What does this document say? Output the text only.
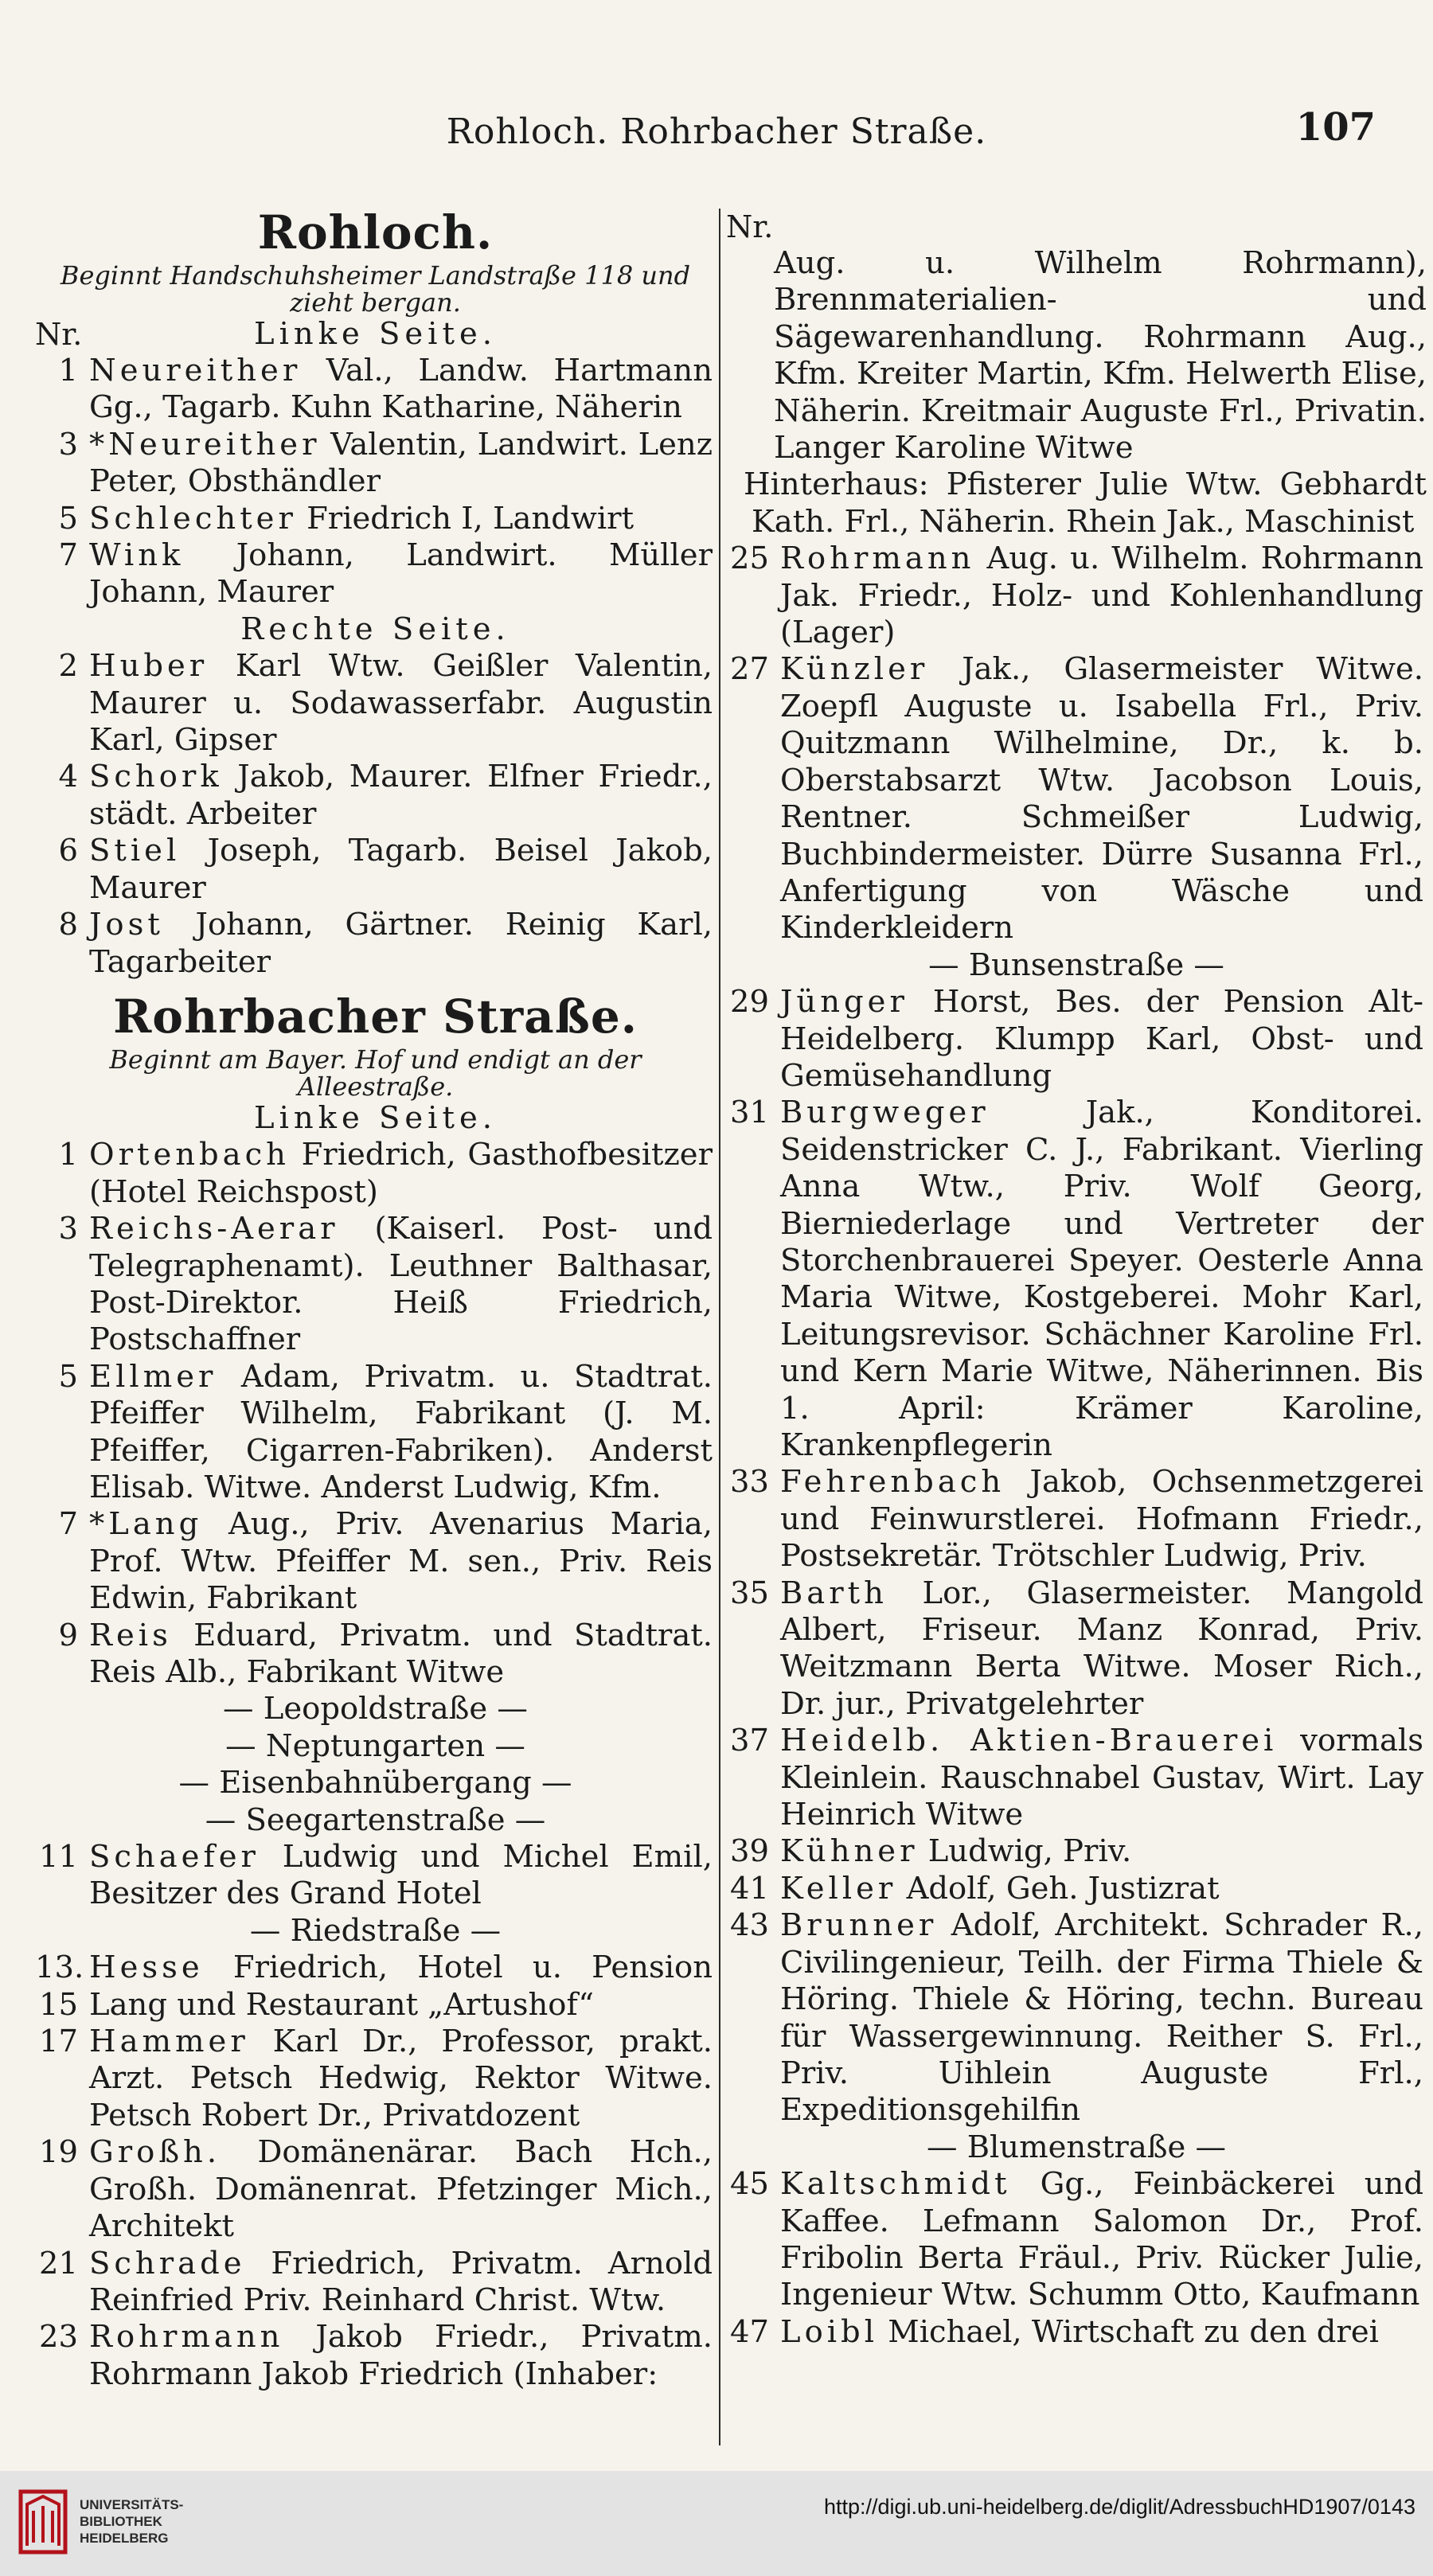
Rohloch. Rohrbacher Straße.	107
Rohloch.
Beginnt Handschuhsheimer Landstraße 118 und zieht bergan.
Nr.	Linke Seite.
1 Neureither Val., Landw. Hartmann Gg., Tagarb. Kuhn Katharine, Näherin
3 *Neureither Valentin, Landwirt. Lenz Peter, Obsthändler
5 Schlechter Friedrich I, Landwirt
7 Wink Johann, Landwirt. Müller Johann, Maurer
Rechte Seite.
2 Huber Karl Wtw. Geißler Valentin, Maurer u. Sodawasserfabr. Augustin Karl, Gipser
4 Schork Jakob, Maurer. Elfner Friedr., städt. Arbeiter
6 Stiel Joseph, Tagarb. Beisel Jakob, Maurer
8 Jost Johann, Gärtner. Reinig Karl, Tagarbeiter
Rohrbacher Straße.
Beginnt am Bayer. Hof und endigt an der Alleestraße.
Linke Seite.
1 Ortenbach Friedrich, Gasthofbesitzer (Hotel Reichspost)
3 Reichs-Aerar (Kaiserl. Post- und Telegraphenamt). Leuthner Balthasar, Post-Direktor. Heiß Friedrich, Postschaffner
5 Ellmer Adam, Privatm. u. Stadtrat. Pfeiffer Wilhelm, Fabrikant (J. M. Pfeiffer, Cigarren-Fabriken). Anderst Elisab. Witwe. Anderst Ludwig, Kfm.
7 *Lang Aug., Priv. Avenarius Maria, Prof. Wtw. Pfeiffer M. sen., Priv. Reis Edwin, Fabrikant
9 Reis Eduard, Privatm. und Stadtrat. Reis Alb., Fabrikant Witwe
— Leopoldstraße —
— Neptungarten —
— Eisenbahnübergang —
— Seegartenstraße —
11 Schaefer Ludwig und Michel Emil, Besitzer des Grand Hotel
— Riedstraße —
13. 15Hesse Friedrich, Hotel u. Pension Lang und Restaurant „Artushof“
17 Hammer Karl Dr., Professor, prakt. Arzt. Petsch Hedwig, Rektor Witwe. Petsch Robert Dr., Privatdozent
19 Großh. Domänenärar. Bach Hch., Großh. Domänenrat. Pfetzinger Mich., Architekt
21 Schrade Friedrich, Privatm. Arnold Reinfried Priv. Reinhard Christ. Wtw.
23 Rohrmann Jakob Friedr., Privatm. Rohrmann Jakob Friedrich (Inhaber:
Nr.
Aug. u. Wilhelm Rohrmann), Brennmaterialien- und Sägewarenhandlung. Rohrmann Aug., Kfm. Kreiter Martin, Kfm. Helwerth Elise, Näherin. Kreitmair Auguste Frl., Privatin. Langer Karoline Witwe
Hinterhaus: Pfisterer Julie Wtw. Gebhardt Kath. Frl., Näherin. Rhein Jak., Maschinist
25 Rohrmann Aug. u. Wilhelm. Rohrmann Jak. Friedr., Holz- und Kohlenhandlung (Lager)
27 Künzler Jak., Glasermeister Witwe. Zoepfl Auguste u. Isabella Frl., Priv. Quitzmann Wilhelmine, Dr., k. b. Oberstabsarzt Wtw. Jacobson Louis, Rentner. Schmeißer Ludwig, Buchbindermeister. Dürre Susanna Frl., Anfertigung von Wäsche und Kinderkleidern
— Bunsenstraße —
29 Jünger Horst, Bes. der Pension Alt-Heidelberg. Klumpp Karl, Obst- und Gemüsehandlung
31 Burgweger Jak., Konditorei. Seidenstricker C. J., Fabrikant. Vierling Anna Wtw., Priv. Wolf Georg, Bierniederlage und Vertreter der Storchenbrauerei Speyer. Oesterle Anna Maria Witwe, Kostgeberei. Mohr Karl, Leitungsrevisor. Schächner Karoline Frl. und Kern Marie Witwe, Näherinnen. Bis 1. April: Krämer Karoline, Krankenpflegerin
33 Fehrenbach Jakob, Ochsenmetzgerei und Feinwurstlerei. Hofmann Friedr., Postsekretär. Trötschler Ludwig, Priv.
35 Barth Lor., Glasermeister. Mangold Albert, Friseur. Manz Konrad, Priv. Weitzmann Berta Witwe. Moser Rich., Dr. jur., Privatgelehrter
37 Heidelb. Aktien-Brauerei vormals Kleinlein. Rauschnabel Gustav, Wirt. Lay Heinrich Witwe
39 Kühner Ludwig, Priv.
41 Keller Adolf, Geh. Justizrat
43 Brunner Adolf, Architekt. Schrader R., Civilingenieur, Teilh. der Firma Thiele & Höring. Thiele & Höring, techn. Bureau für Wassergewinnung. Reither S. Frl., Priv. Uihlein Auguste Frl., Expeditionsgehilfin
— Blumenstraße —
45 Kaltschmidt Gg., Feinbäckerei und Kaffee. Lefmann Salomon Dr., Prof. Fribolin Berta Fräul., Priv. Rücker Julie, Ingenieur Wtw. Schumm Otto, Kaufmann
47 Loibl Michael, Wirtschaft zu den drei
UNIVERSITÄTS-
BIBLIOTHEK
HEIDELBERG
http://digi.ub.uni-heidelberg.de/diglit/AdressbuchHD1907/0143
